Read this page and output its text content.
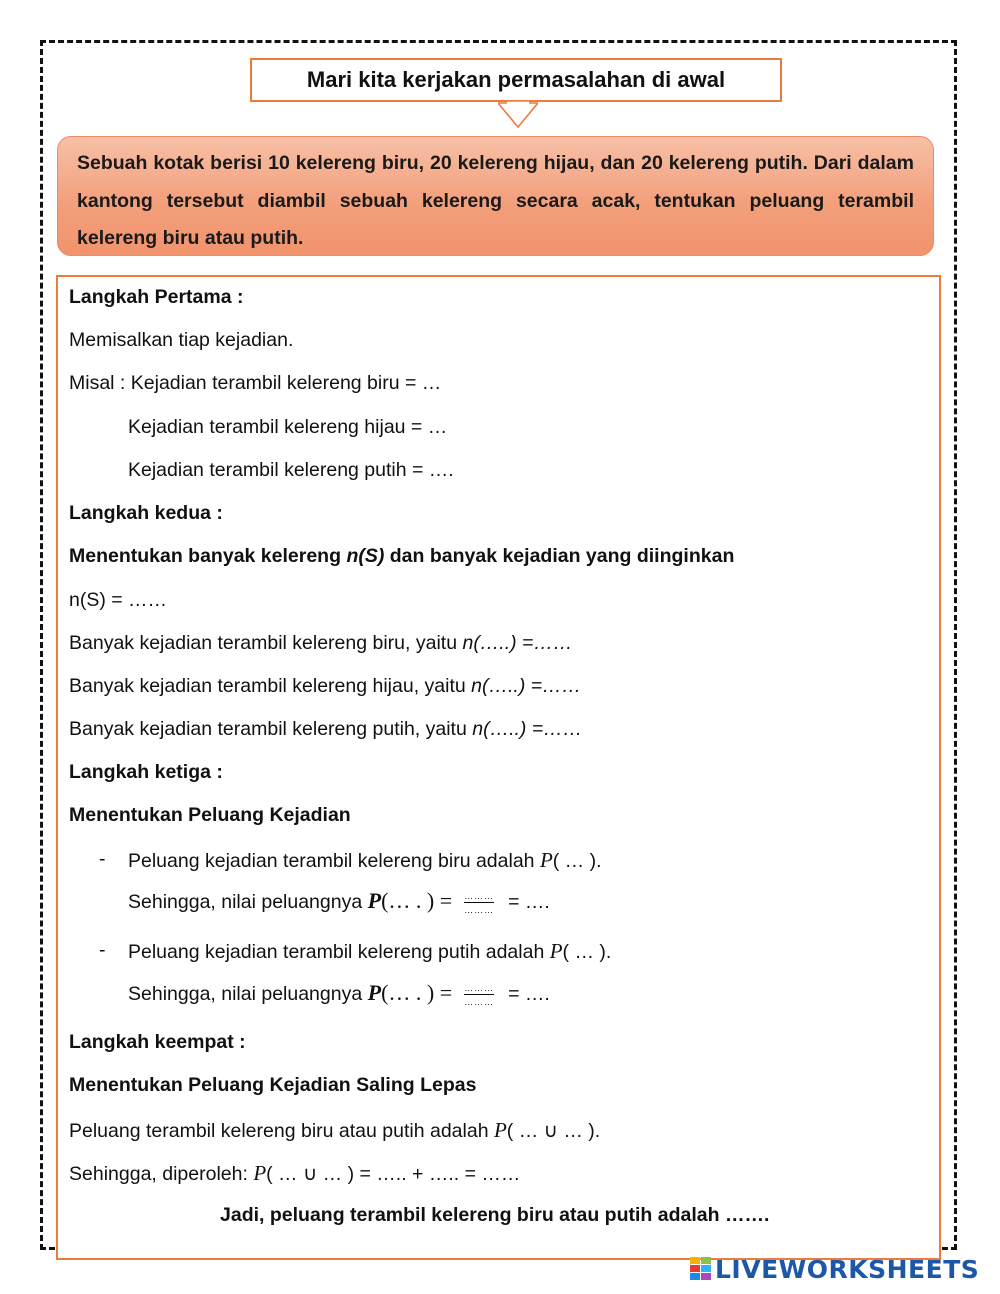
Mari kita kerjakan permasalahan di awal
Sebuah kotak berisi 10 kelereng biru, 20 kelereng hijau, dan 20 kelereng putih. Dari dalam kantong tersebut diambil sebuah kelereng secara acak, tentukan peluang terambil kelereng biru atau putih.
Langkah Pertama :
Memisalkan tiap kejadian.
Misal : Kejadian terambil kelereng biru = …
Kejadian terambil kelereng hijau = …
Kejadian terambil kelereng putih = ….
Langkah kedua :
Menentukan banyak kelereng n(S) dan banyak kejadian yang diinginkan
n(S) = ……
Banyak kejadian terambil kelereng biru, yaitu n(…..) =……
Banyak kejadian terambil kelereng hijau, yaitu n(…..) =……
Banyak kejadian terambil kelereng putih, yaitu n(…..) =……
Langkah ketiga :
Menentukan Peluang Kejadian
- Peluang kejadian terambil kelereng biru adalah P( … ).
Sehingga, nilai peluangnya P(… . ) = $\frac{\dots\dots\dots}{\dots\dots\dots}$ = ….
- Peluang kejadian terambil kelereng putih adalah P( … ).
Sehingga, nilai peluangnya P(… . ) = $\frac{\dots\dots\dots}{\dots\dots\dots}$ = ….
Langkah keempat :
Menentukan Peluang Kejadian Saling Lepas
Peluang terambil kelereng biru atau putih adalah P( … ∪ … ).
Sehingga, diperoleh: P( … ∪ … ) = ….. + ….. = ……
Jadi, peluang terambil kelereng biru atau putih adalah …….
LIVEWORKSHEETS
